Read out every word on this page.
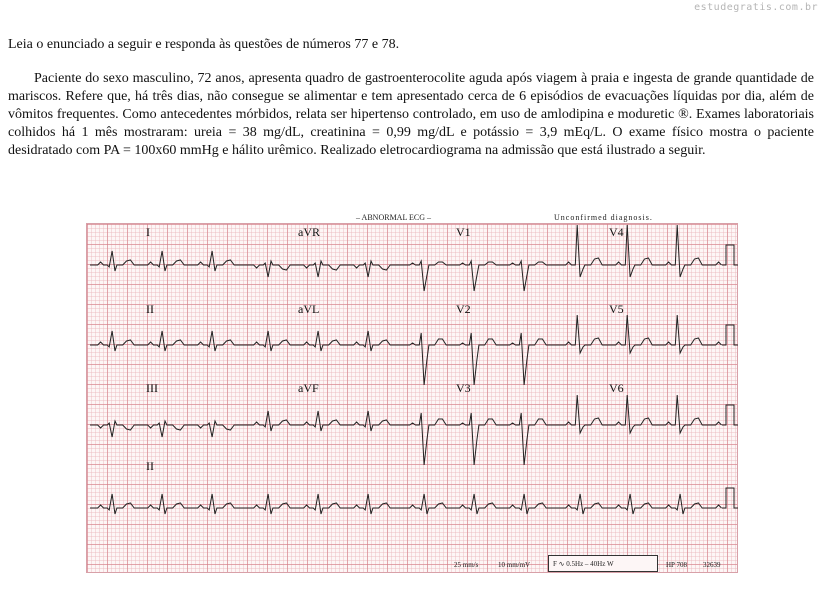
estudegratis.com.br
Leia o enunciado a seguir e responda às questões de números 77 e 78.

Paciente do sexo masculino, 72 anos, apresenta quadro de gastroenterocolite aguda após viagem à praia e ingesta de grande quantidade de mariscos. Refere que, há três dias, não consegue se alimentar e tem apresentado cerca de 6 episódios de evacuações líquidas por dia, além de vômitos frequentes. Como antecedentes mórbidos, relata ser hipertenso controlado, em uso de amlodipina e moduretic ®. Exames laboratoriais colhidos há 1 mês mostraram: ureia = 38 mg/dL, creatinina = 0,99 mg/dL e potássio = 3,9 mEq/L. O exame físico mostra o paciente desidratado com PA = 100x60 mmHg e hálito urêmico. Realizado eletrocardiograma na admissão que está ilustrado a seguir.

– ABNORMAL ECG –	Unconfirmed diagnosis.
I	aVR	V1	V4
II	aVL	V2	V5
III	aVF	V3	V6
II
25 mm/s	10 mm/mV	F ∿ 0.5Hz – 40Hz W	HP 708 32639
